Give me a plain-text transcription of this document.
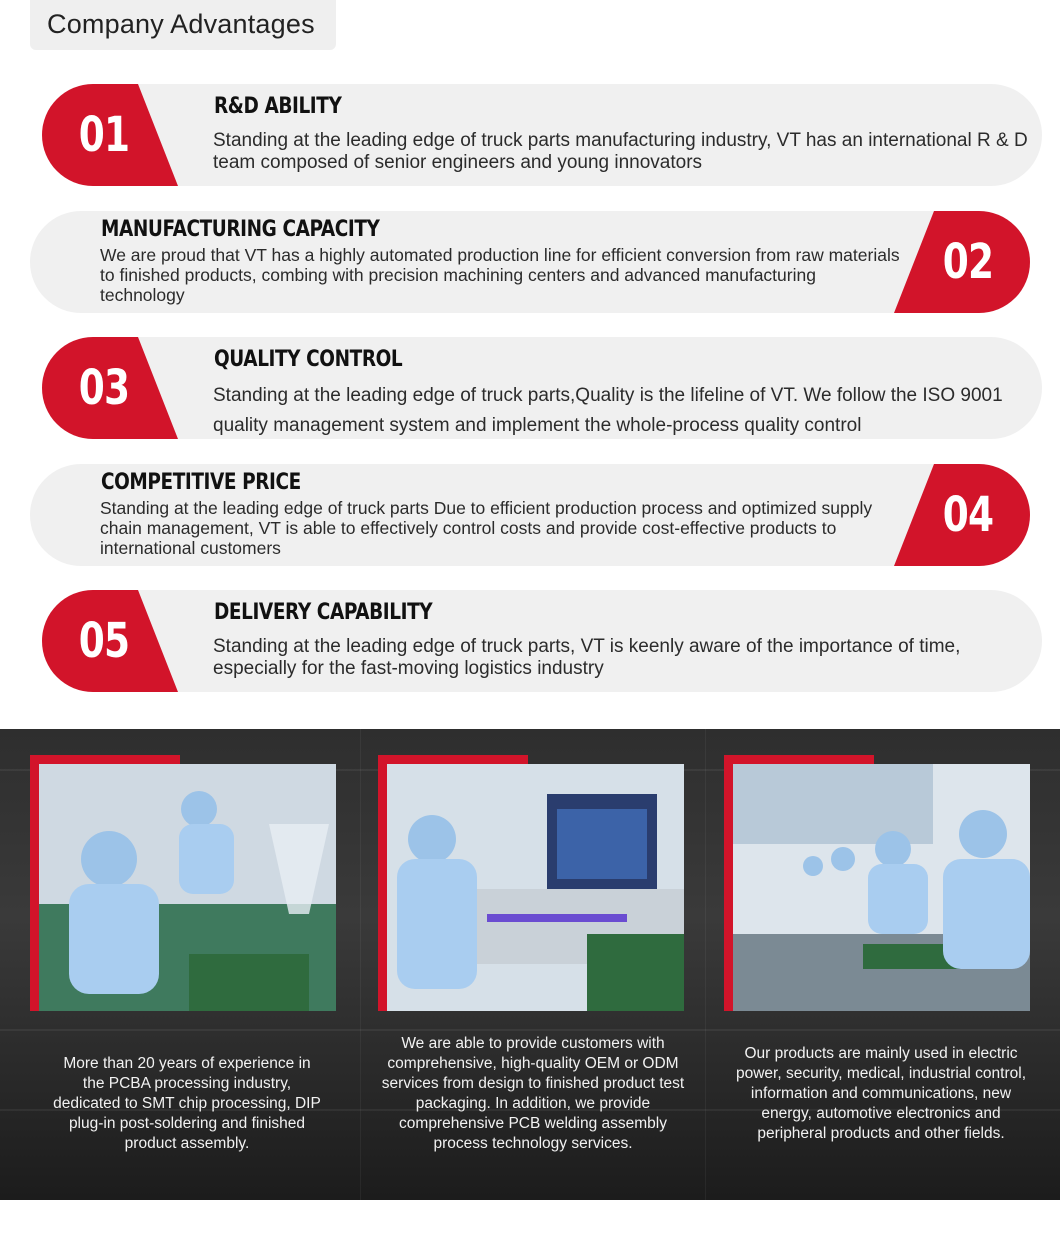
Company Advantages
01
R&D ABILITY
Standing at the leading edge of truck parts manufacturing industry, VT has an international R & D team composed of senior engineers and young innovators
02
MANUFACTURING CAPACITY
We are proud that VT has a highly automated production line for efficient conversion from raw materials to finished products, combing with precision machining centers and advanced manufacturing technology
03
QUALITY CONTROL
Standing at the leading edge of truck parts,Quality is the lifeline of VT. We follow the ISO 9001 quality management system and implement the whole-process quality control
04
COMPETITIVE PRICE
Standing at the leading edge of truck parts Due to efficient production process and optimized supply chain management, VT is able to effectively control costs and provide cost-effective products to international customers
05
DELIVERY CAPABILITY
Standing at the leading edge of truck parts, VT is keenly aware of the importance of time, especially for the fast-moving logistics industry
More than 20 years of experience in the PCBA processing industry, dedicated to SMT chip processing, DIP plug-in post-soldering and finished product assembly.
We are able to provide customers with comprehensive, high-quality OEM or ODM services from design to finished product test packaging. In addition, we provide comprehensive PCB welding assembly process technology services.
Our products are mainly used in electric power, security, medical, industrial control, information and communications, new energy, automotive electronics and peripheral products and other fields.
